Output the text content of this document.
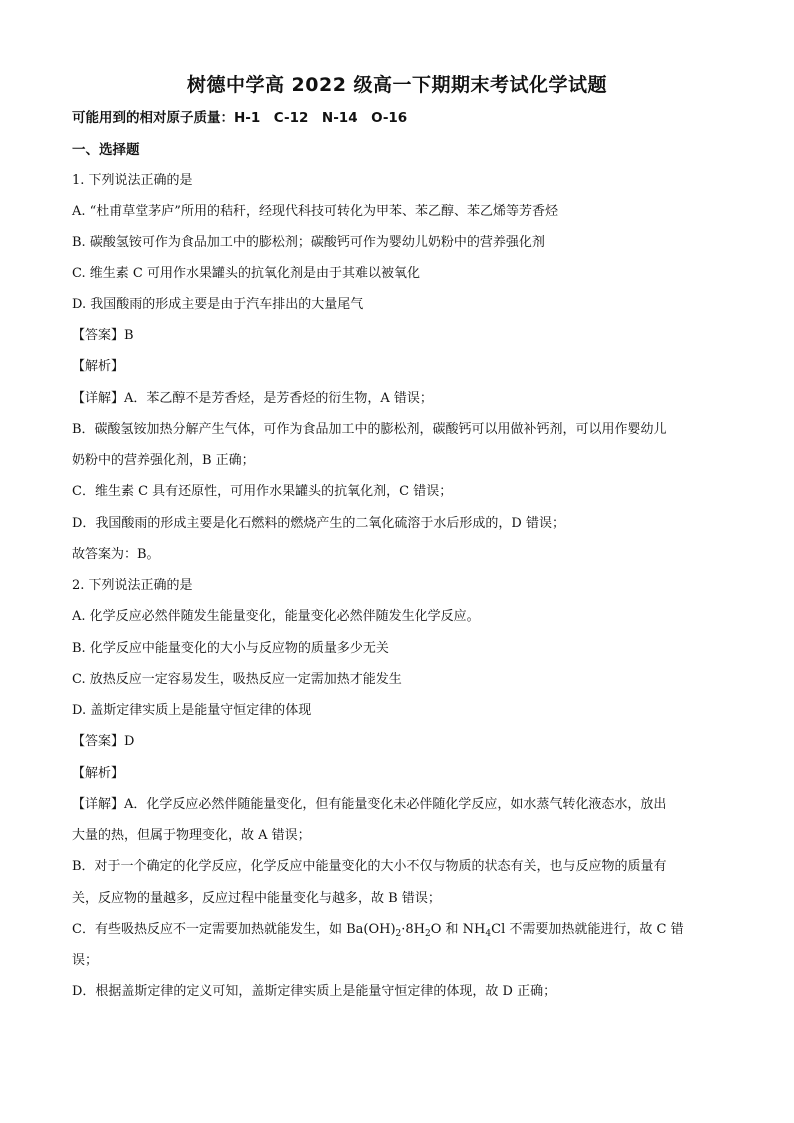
树德中学高 2022 级高一下期期末考试化学试题
可能用到的相对原子质量：H-1　C-12　N-14　O-16
一、选择题
1. 下列说法正确的是
A. “杜甫草堂茅庐”所用的秸秆，经现代科技可转化为甲苯、苯乙醇、苯乙烯等芳香烃
B. 碳酸氢铵可作为食品加工中的膨松剂；碳酸钙可作为婴幼儿奶粉中的营养强化剂
C. 维生素 C 可用作水果罐头的抗氧化剂是由于其难以被氧化
D. 我国酸雨的形成主要是由于汽车排出的大量尾气
【答案】B
【解析】
【详解】A．苯乙醇不是芳香烃，是芳香烃的衍生物，A 错误；
B．碳酸氢铵加热分解产生气体，可作为食品加工中的膨松剂，碳酸钙可以用做补钙剂，可以用作婴幼儿
奶粉中的营养强化剂，B 正确；
C．维生素 C 具有还原性，可用作水果罐头的抗氧化剂，C 错误；
D．我国酸雨的形成主要是化石燃料的燃烧产生的二氧化硫溶于水后形成的，D 错误；
故答案为：B。
2. 下列说法正确的是
A. 化学反应必然伴随发生能量变化，能量变化必然伴随发生化学反应。
B. 化学反应中能量变化的大小与反应物的质量多少无关
C. 放热反应一定容易发生，吸热反应一定需加热才能发生
D. 盖斯定律实质上是能量守恒定律的体现
【答案】D
【解析】
【详解】A．化学反应必然伴随能量变化，但有能量变化未必伴随化学反应，如水蒸气转化液态水，放出
大量的热，但属于物理变化，故 A 错误；
B．对于一个确定的化学反应，化学反应中能量变化的大小不仅与物质的状态有关，也与反应物的质量有
关，反应物的量越多，反应过程中能量变化与越多，故 B 错误；
C．有些吸热反应不一定需要加热就能发生，如 $Ba(OH)_2\cdot 8H_2O$ 和 $NH_4Cl$ 不需要加热就能进行，故 C 错
误；
D．根据盖斯定律的定义可知，盖斯定律实质上是能量守恒定律的体现，故 D 正确；
